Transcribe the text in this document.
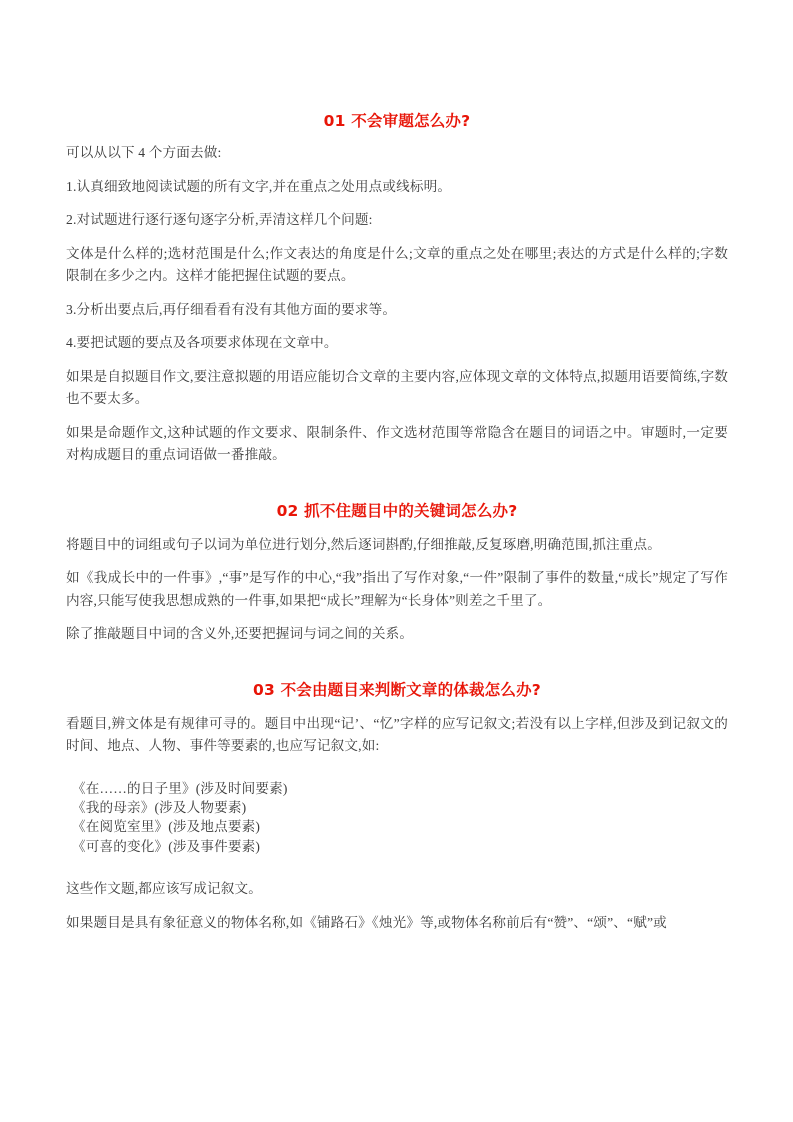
01 不会审题怎么办?

可以从以下 4 个方面去做:

1.认真细致地阅读试题的所有文字,并在重点之处用点或线标明。

2.对试题进行逐行逐句逐字分析,弄清这样几个问题:

文体是什么样的;选材范围是什么;作文表达的角度是什么;文章的重点之处在哪里;表达的方式是什么样的;字数限制在多少之内。这样才能把握住试题的要点。

3.分析出要点后,再仔细看看有没有其他方面的要求等。

4.要把试题的要点及各项要求体现在文章中。

如果是自拟题目作文,要注意拟题的用语应能切合文章的主要内容,应体现文章的文体特点,拟题用语要简练,字数也不要太多。

如果是命题作文,这种试题的作文要求、限制条件、作文选材范围等常隐含在题目的词语之中。审题时,一定要对构成题目的重点词语做一番推敲。

02 抓不住题目中的关键词怎么办?

将题目中的词组或句子以词为单位进行划分,然后逐词斟酌,仔细推敲,反复琢磨,明确范围,抓注重点。

如《我成长中的一件事》,“事”是写作的中心,“我”指出了写作对象,“一件”限制了事件的数量,“成长”规定了写作内容,只能写使我思想成熟的一件事,如果把“成长”理解为“长身体”则差之千里了。

除了推敲题目中词的含义外,还要把握词与词之间的关系。

03 不会由题目来判断文章的体裁怎么办?

看题目,辨文体是有规律可寻的。题目中出现“记’、“忆”字样的应写记叙文;若没有以上字样,但涉及到记叙文的时间、地点、人物、事件等要素的,也应写记叙文,如:

《在……的日子里》(涉及时间要素)
《我的母亲》(涉及人物要素)
《在阅览室里》(涉及地点要素)
《可喜的变化》(涉及事件要素)

这些作文题,都应该写成记叙文。

如果题目是具有象征意义的物体名称,如《铺路石》《烛光》等,或物体名称前后有“赞”、“颂”、“赋”或
